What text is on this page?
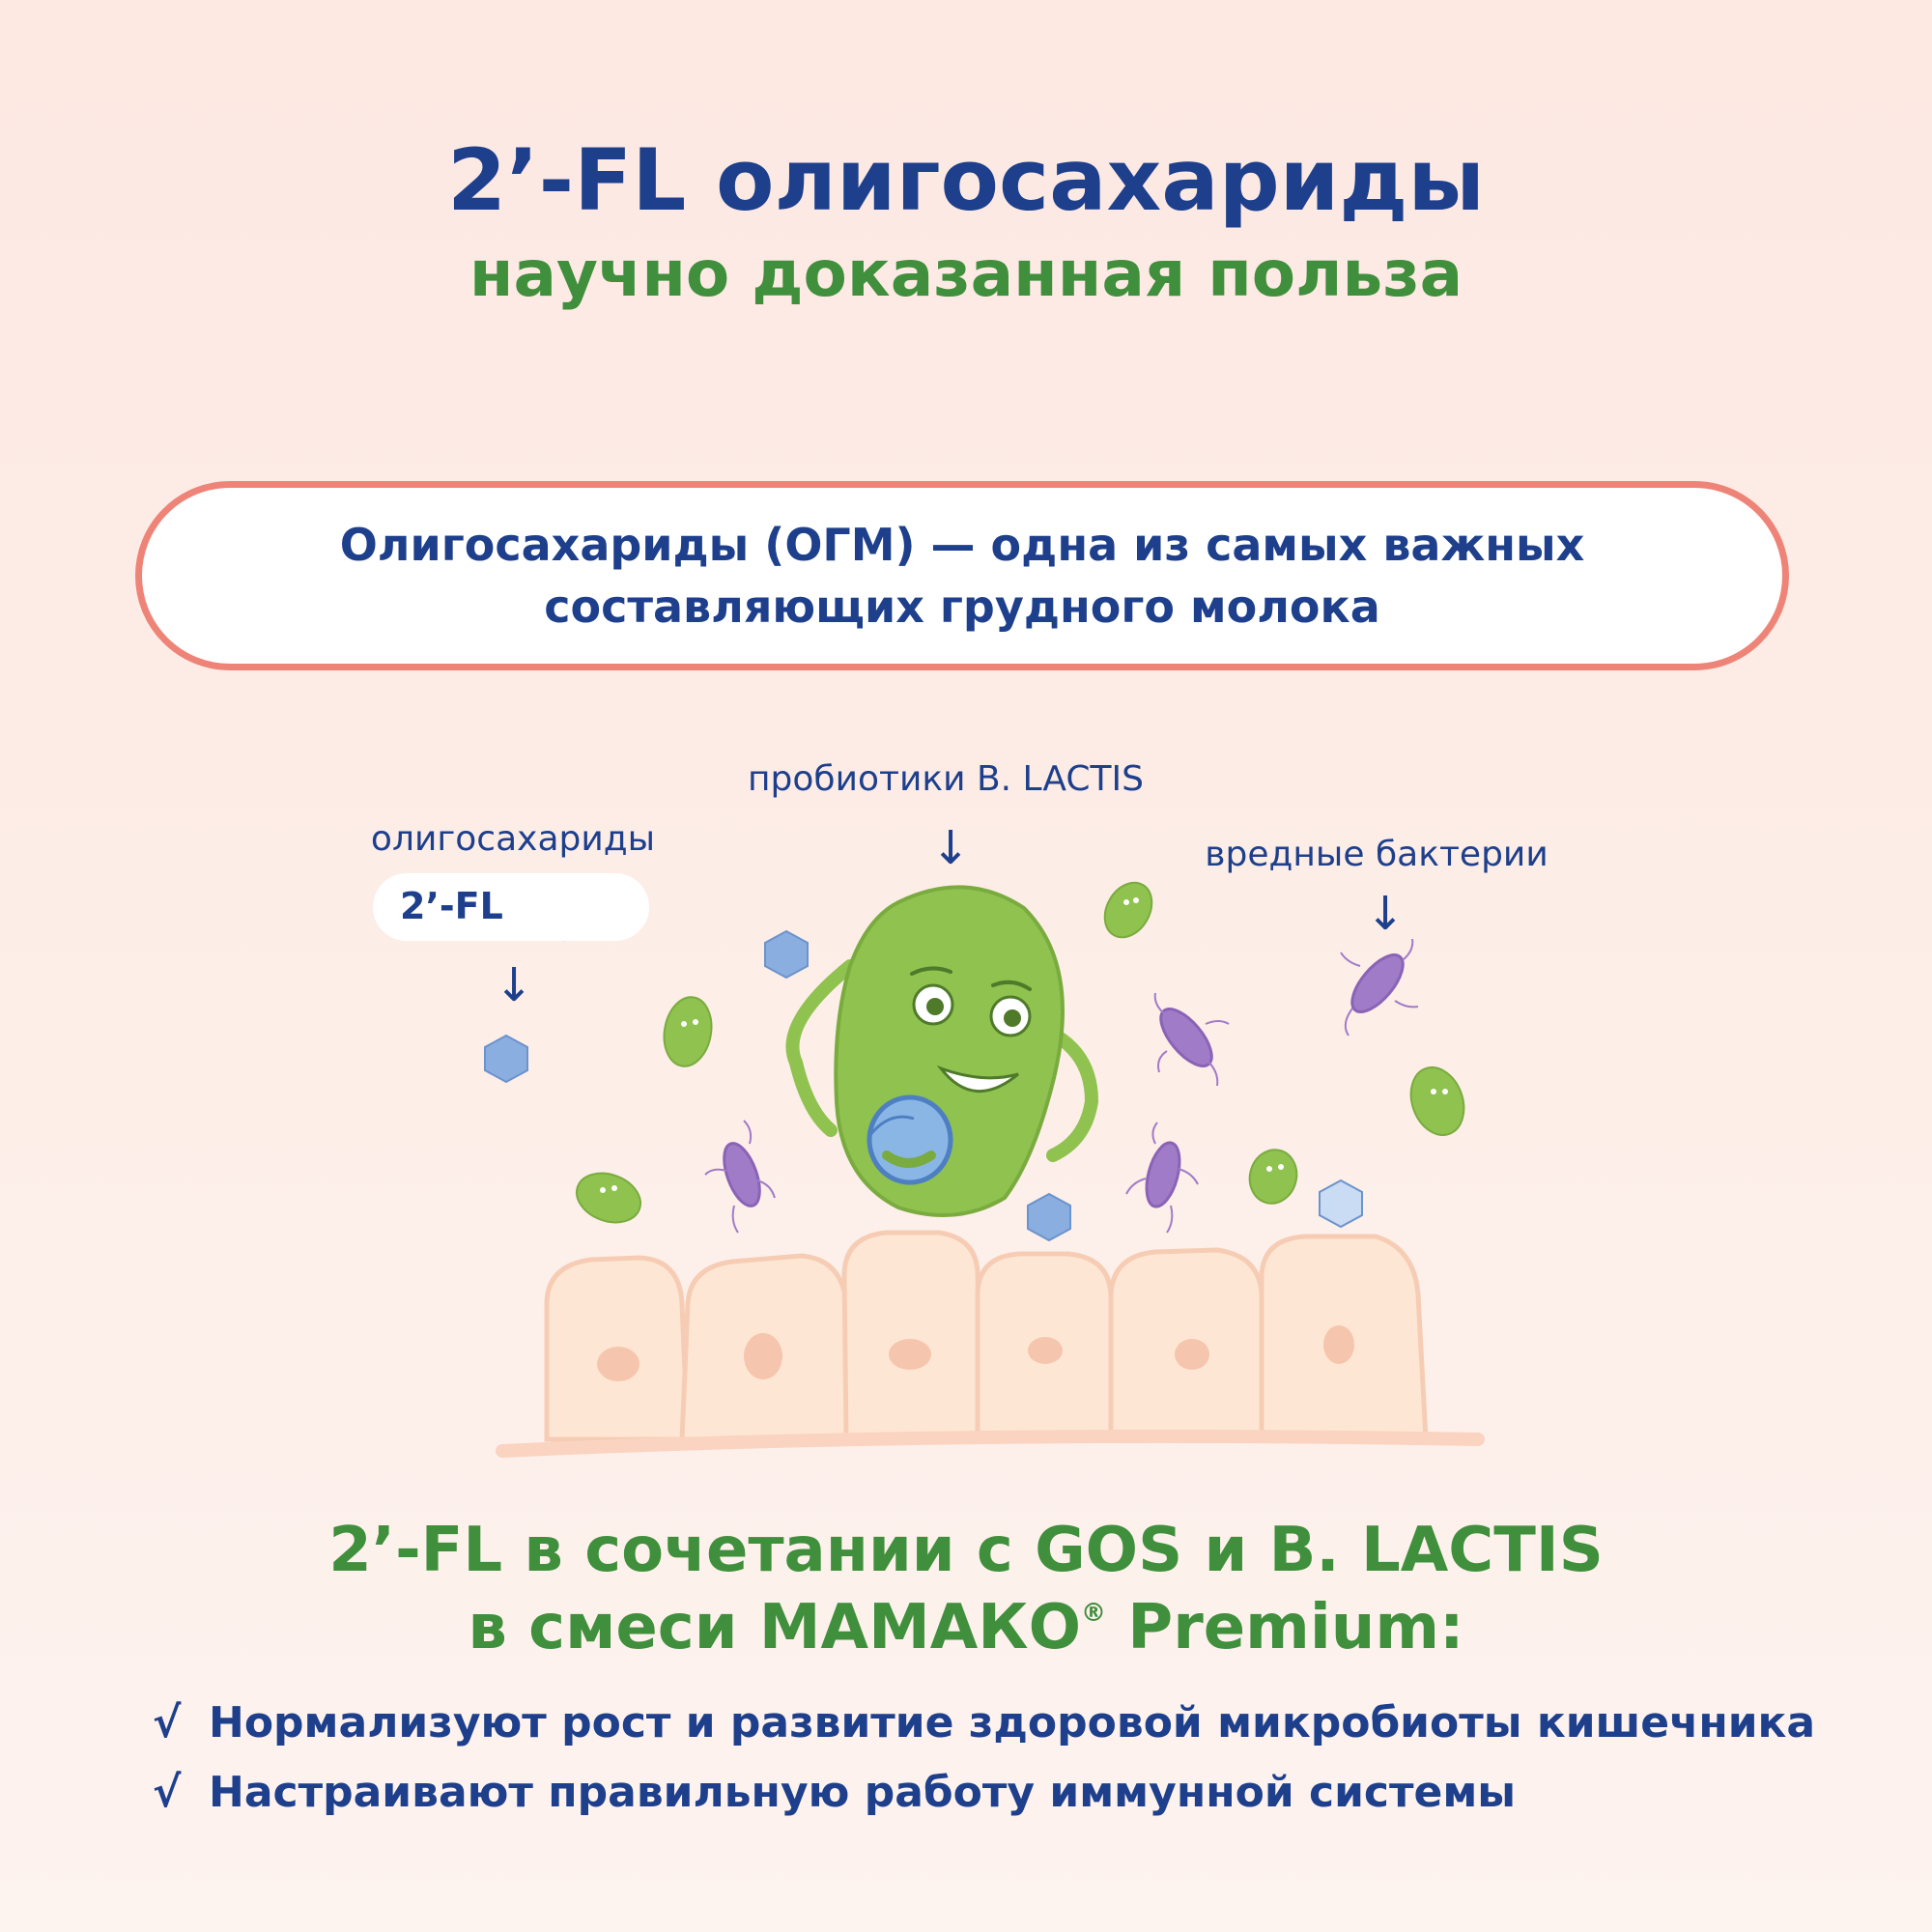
2’-FL олигосахариды
научно доказанная польза
Олигосахариды (ОГМ) — одна из самых важных
составляющих грудного молока
2’-FL
олигосахариды
↓
пробиотики B. LACTIS
↓	вредные бактерии
↓
2’-FL в сочетании с GOS и B. LACTIS
в смеси МАМАКО® Premium:
√ Нормализуют рост и развитие здоровой микробиоты кишечника
√ Настраивают правильную работу иммунной системы
